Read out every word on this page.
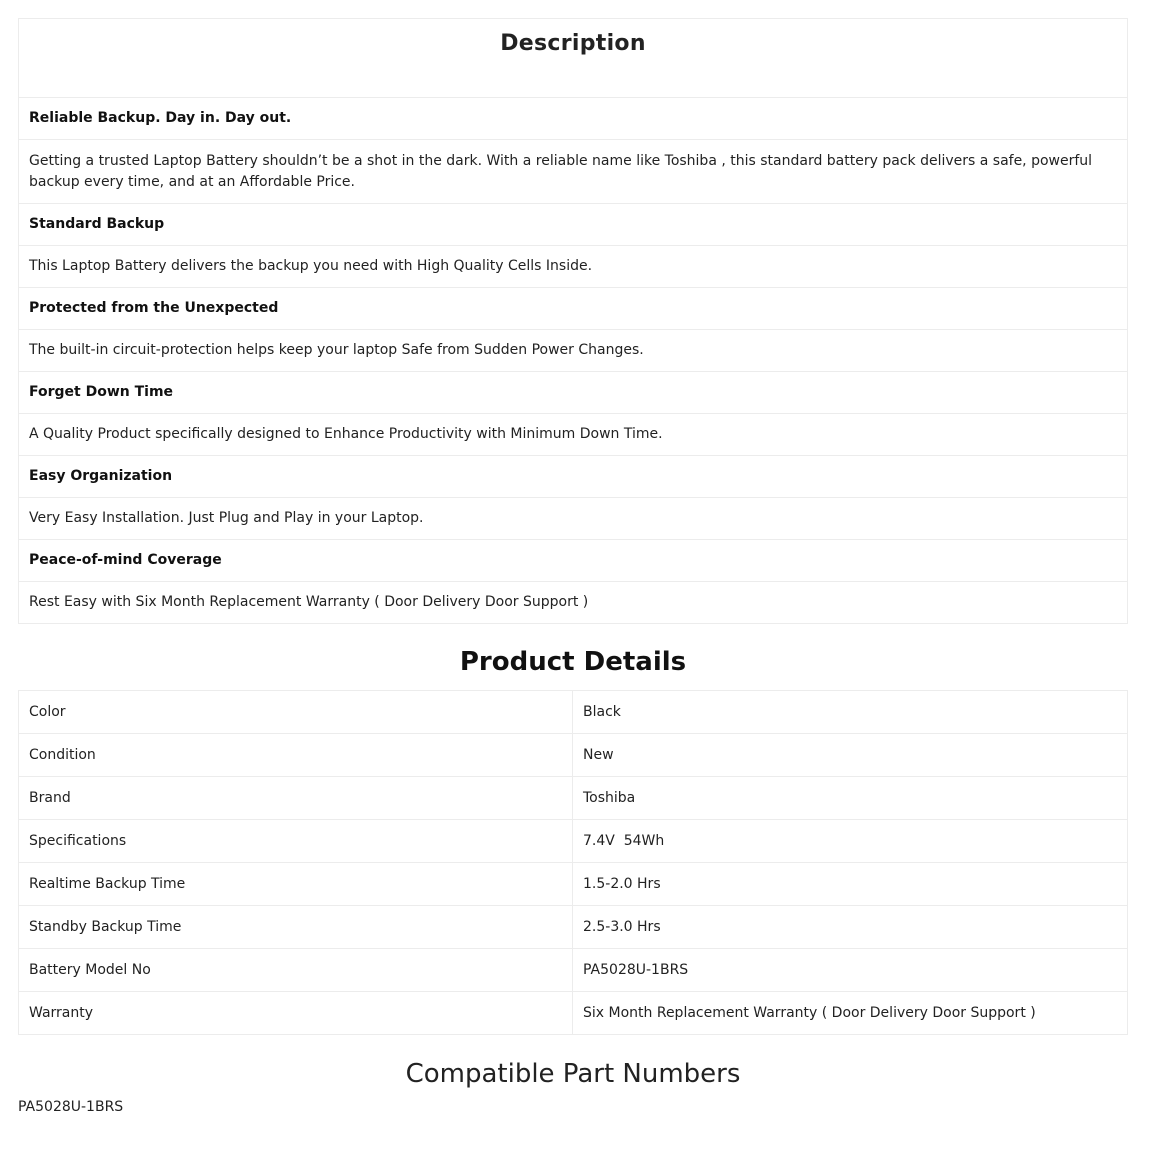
Description
Reliable Backup. Day in. Day out.
Getting a trusted Laptop Battery shouldn’t be a shot in the dark. With a reliable name like Toshiba , this standard battery pack delivers a safe, powerful backup every time, and at an Affordable Price.
Standard Backup
This Laptop Battery delivers the backup you need with High Quality Cells Inside.
Protected from the Unexpected
The built-in circuit-protection helps keep your laptop Safe from Sudden Power Changes.
Forget Down Time
A Quality Product specifically designed to Enhance Productivity with Minimum Down Time.
Easy Organization
Very Easy Installation. Just Plug and Play in your Laptop.
Peace-of-mind Coverage
Rest Easy with Six Month Replacement Warranty ( Door Delivery Door Support )
Product Details
Color	Black
Condition	New
Brand	Toshiba
Specifications	7.4V  54Wh
Realtime Backup Time	1.5-2.0 Hrs
Standby Backup Time	2.5-3.0 Hrs
Battery Model No	PA5028U-1BRS
Warranty	Six Month Replacement Warranty ( Door Delivery Door Support )
Compatible Part Numbers

PA5028U-1BRS
